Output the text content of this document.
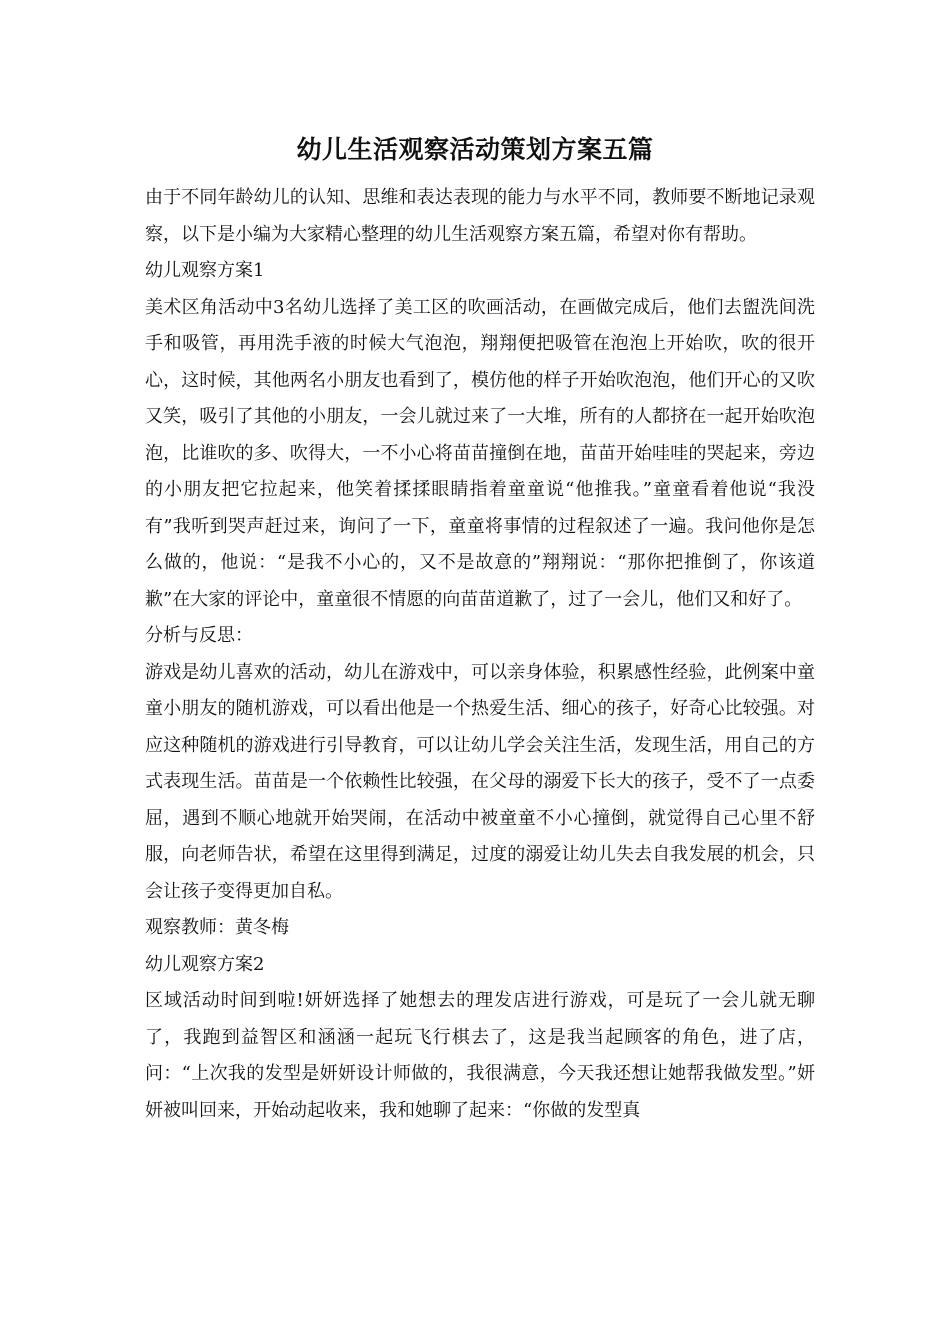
幼儿生活观察活动策划方案五篇

由于不同年龄幼儿的认知、思维和表达表现的能力与水平不同，教师要不断地记录观察，以下是小编为大家精心整理的幼儿生活观察方案五篇，希望对你有帮助。

幼儿观察方案1

美术区角活动中3名幼儿选择了美工区的吹画活动，在画做完成后，他们去盥洗间洗手和吸管，再用洗手液的时候大气泡泡，翔翔便把吸管在泡泡上开始吹，吹的很开心，这时候，其他两名小朋友也看到了，模仿他的样子开始吹泡泡，他们开心的又吹又笑，吸引了其他的小朋友，一会儿就过来了一大堆，所有的人都挤在一起开始吹泡泡，比谁吹的多、吹得大，一不小心将苗苗撞倒在地，苗苗开始哇哇的哭起来，旁边的小朋友把它拉起来，他笑着揉揉眼睛指着童童说“他推我。”童童看着他说“我没有”我听到哭声赶过来，询问了一下，童童将事情的过程叙述了一遍。我问他你是怎么做的，他说：“是我不小心的，又不是故意的”翔翔说：“那你把推倒了，你该道歉”在大家的评论中，童童很不情愿的向苗苗道歉了，过了一会儿，他们又和好了。

分析与反思：

游戏是幼儿喜欢的活动，幼儿在游戏中，可以亲身体验，积累感性经验，此例案中童童小朋友的随机游戏，可以看出他是一个热爱生活、细心的孩子，好奇心比较强。对应这种随机的游戏进行引导教育，可以让幼儿学会关注生活，发现生活，用自己的方式表现生活。苗苗是一个依赖性比较强，在父母的溺爱下长大的孩子，受不了一点委屈，遇到不顺心地就开始哭闹，在活动中被童童不小心撞倒，就觉得自己心里不舒服，向老师告状，希望在这里得到满足，过度的溺爱让幼儿失去自我发展的机会，只会让孩子变得更加自私。

观察教师：黄冬梅

幼儿观察方案2

区域活动时间到啦!妍妍选择了她想去的理发店进行游戏，可是玩了一会儿就无聊了，我跑到益智区和涵涵一起玩飞行棋去了，这是我当起顾客的角色，进了店，问：“上次我的发型是妍妍设计师做的，我很满意，今天我还想让她帮我做发型。”妍妍被叫回来，开始动起收来，我和她聊了起来：“你做的发型真
